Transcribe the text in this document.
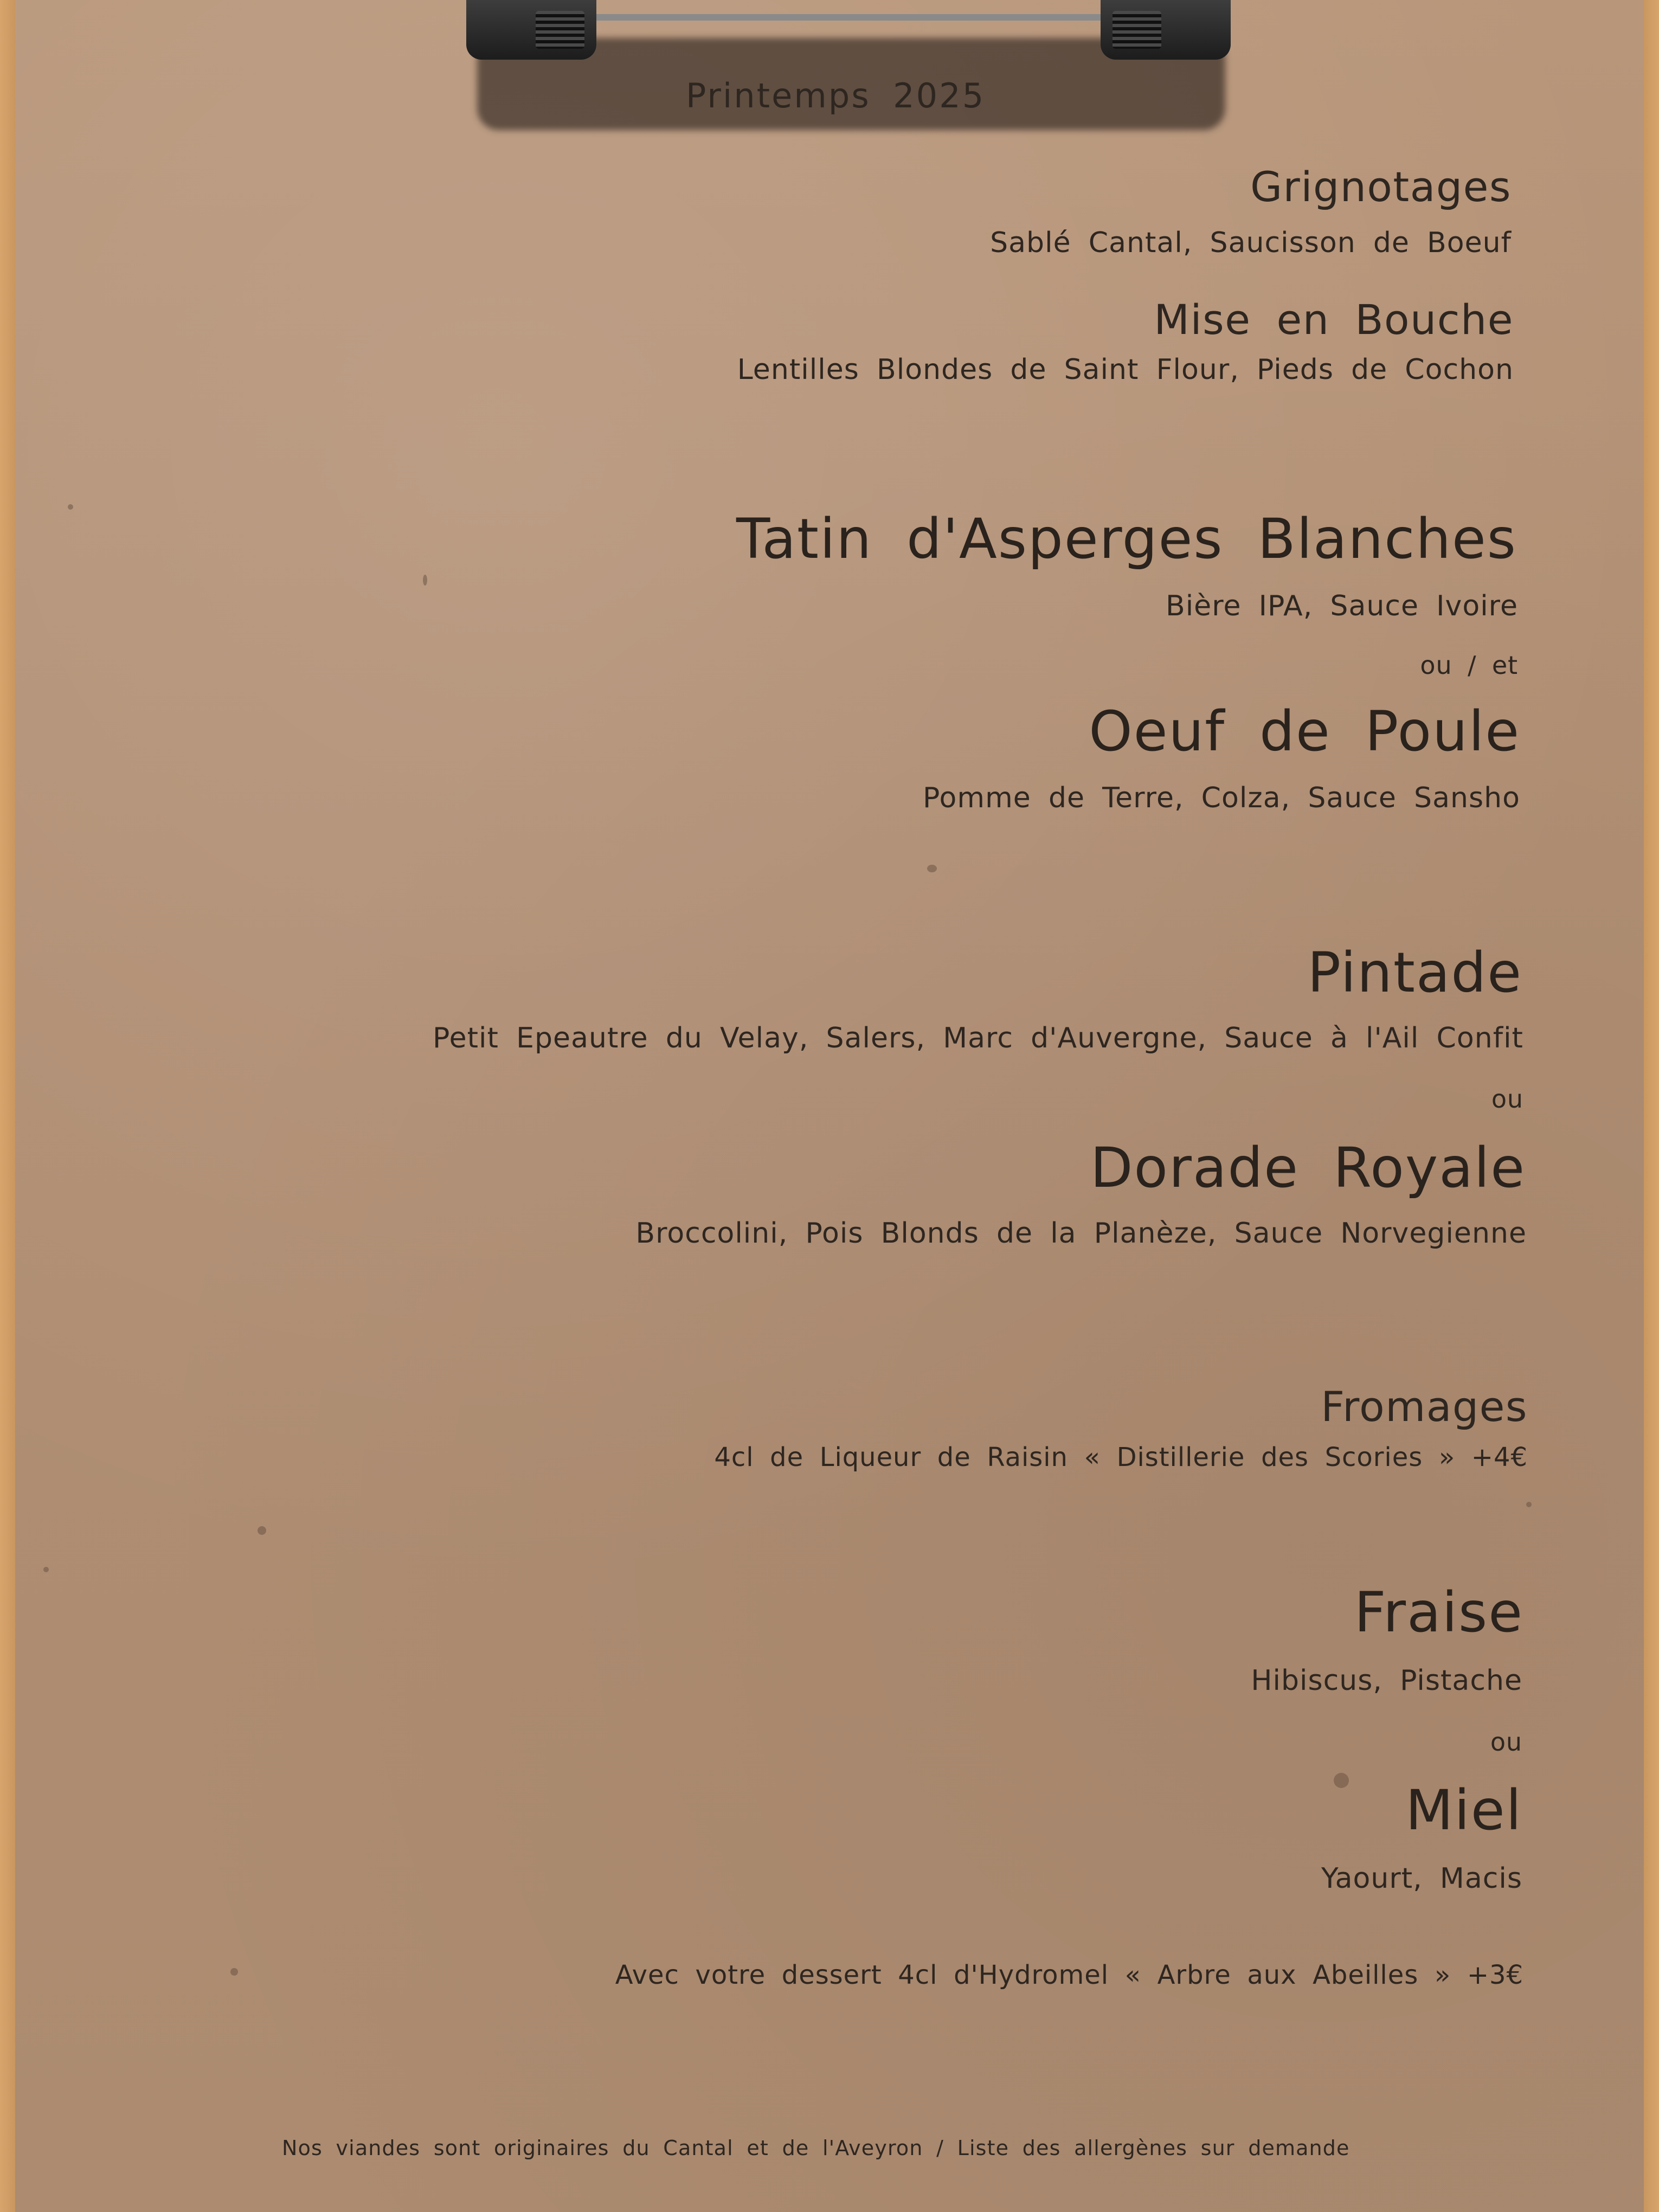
Printemps 2025
Grignotages
Sablé Cantal, Saucisson de Boeuf
Mise en Bouche
Lentilles Blondes de Saint Flour, Pieds de Cochon
Tatin d'Asperges Blanches
Bière IPA, Sauce Ivoire
ou / et
Oeuf de Poule
Pomme de Terre, Colza, Sauce Sansho
Pintade
Petit Epeautre du Velay, Salers, Marc d'Auvergne, Sauce à l'Ail Confit
ou
Dorade Royale
Broccolini, Pois Blonds de la Planèze, Sauce Norvegienne
Fromages
4cl de Liqueur de Raisin « Distillerie des Scories » +4€
Fraise
Hibiscus, Pistache
ou
Miel
Yaourt, Macis
Avec votre dessert 4cl d'Hydromel « Arbre aux Abeilles » +3€
Nos viandes sont originaires du Cantal et de l'Aveyron / Liste des allergènes sur demande
